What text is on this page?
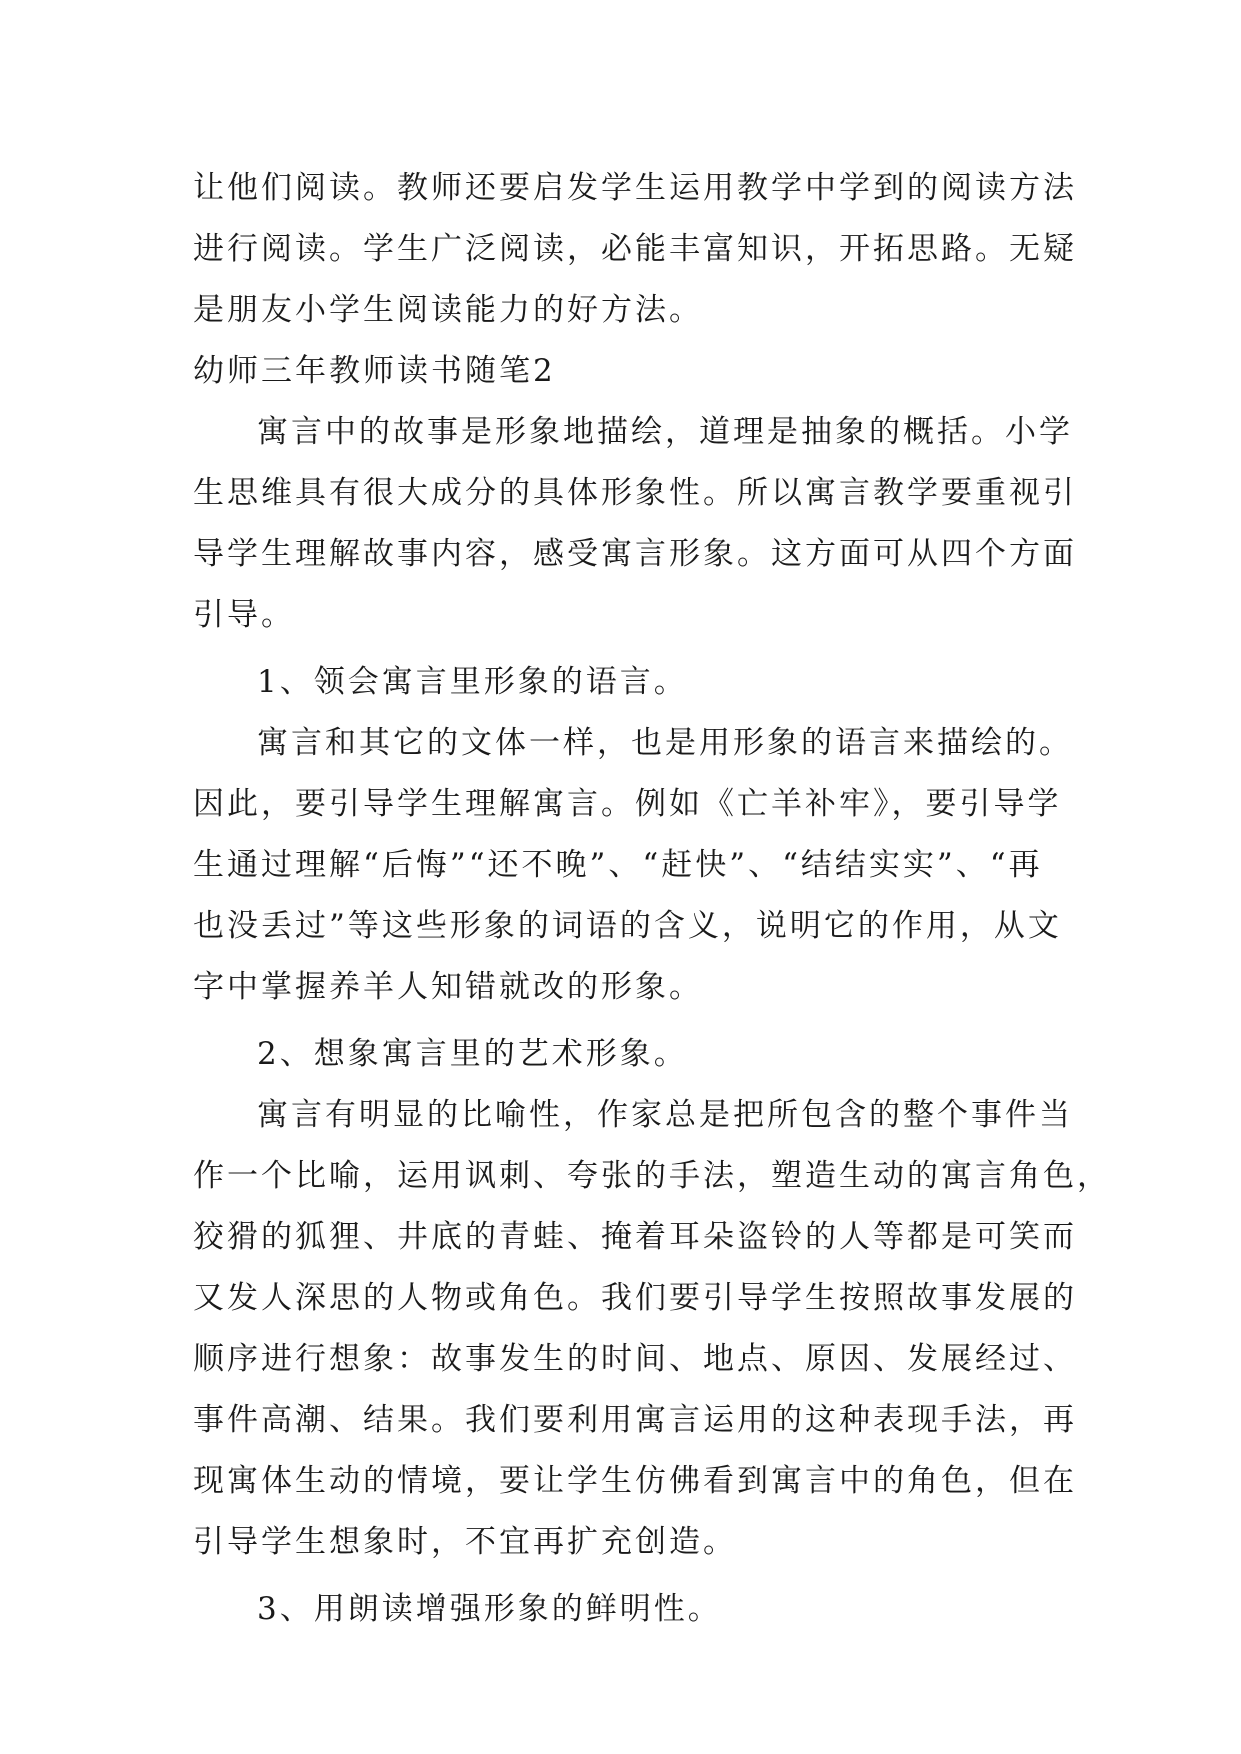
让他们阅读。教师还要启发学生运用教学中学到的阅读方法
进行阅读。学生广泛阅读，必能丰富知识，开拓思路。无疑
是朋友小学生阅读能力的好方法。
幼师三年教师读书随笔2
寓言中的故事是形象地描绘，道理是抽象的概括。小学
生思维具有很大成分的具体形象性。所以寓言教学要重视引
导学生理解故事内容，感受寓言形象。这方面可从四个方面
引导。
1、领会寓言里形象的语言。
寓言和其它的文体一样，也是用形象的语言来描绘的。
因此，要引导学生理解寓言。例如《亡羊补牢》，要引导学
生通过理解“后悔”“还不晚”、“赶快”、“结结实实”、“再
也没丢过”等这些形象的词语的含义，说明它的作用，从文
字中掌握养羊人知错就改的形象。
2、想象寓言里的艺术形象。
寓言有明显的比喻性，作家总是把所包含的整个事件当
作一个比喻，运用讽刺、夸张的手法，塑造生动的寓言角色，
狡猾的狐狸、井底的青蛙、掩着耳朵盗铃的人等都是可笑而
又发人深思的人物或角色。我们要引导学生按照故事发展的
顺序进行想象：故事发生的时间、地点、原因、发展经过、
事件高潮、结果。我们要利用寓言运用的这种表现手法，再
现寓体生动的情境，要让学生仿佛看到寓言中的角色，但在
引导学生想象时，不宜再扩充创造。
3、用朗读增强形象的鲜明性。
